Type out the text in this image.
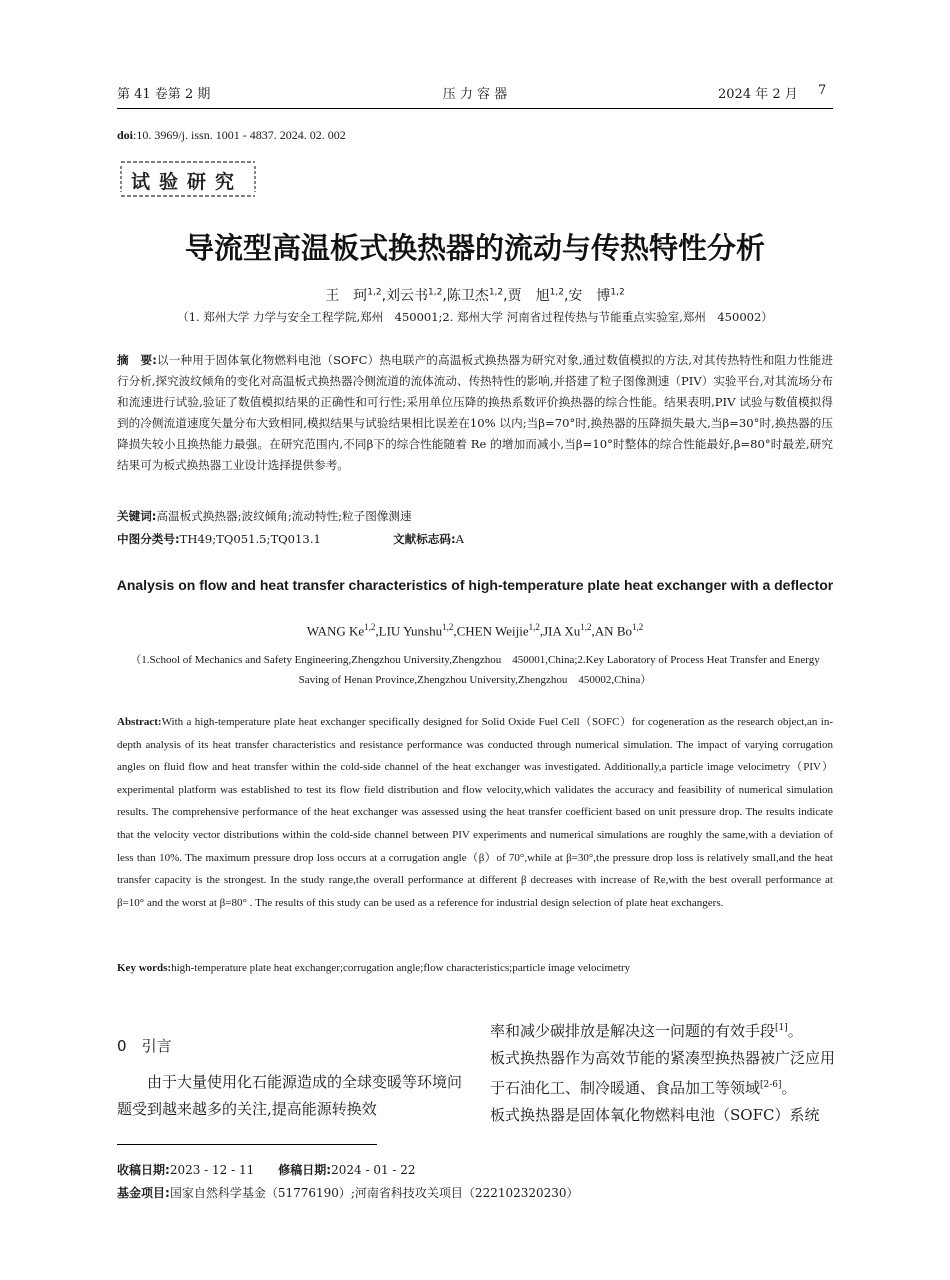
第 41 卷第 2 期	压 力 容 器	2024 年 2 月 7
doi:10. 3969/j. issn. 1001 - 4837. 2024. 02. 002
试验研究
导流型高温板式换热器的流动与传热特性分析
王　珂$^{1,2}$,刘云书$^{1,2}$,陈卫杰$^{1,2}$,贾　旭$^{1,2}$,安　博$^{1,2}$
（1. 郑州大学 力学与安全工程学院,郑州　450001;2. 郑州大学 河南省过程传热与节能重点实验室,郑州　450002）
摘　要:以一种用于固体氧化物燃料电池（SOFC）热电联产的高温板式换热器为研究对象,通过数值模拟的方法,对其传热特性和阻力性能进行分析,探究波纹倾角的变化对高温板式换热器冷侧流道的流体流动、传热特性的影响,并搭建了粒子图像测速（PIV）实验平台,对其流场分布和流速进行试验,验证了数值模拟结果的正确性和可行性;采用单位压降的换热系数评价换热器的综合性能。结果表明,PIV 试验与数值模拟得到的冷侧流道速度矢量分布大致相同,模拟结果与试验结果相比误差在10% 以内;当β=70°时,换热器的压降损失最大,当β=30°时,换热器的压降损失较小且换热能力最强。在研究范围内,不同β下的综合性能随着 Re 的增加而减小,当β=10°时整体的综合性能最好,β=80°时最差,研究结果可为板式换热器工业设计选择提供参考。
关键词:高温板式换热器;波纹倾角;流动特性;粒子图像测速
中图分类号:TH49;TQ051.5;TQ013.1	文献标志码:A
Analysis on flow and heat transfer characteristics of high-temperature plate heat exchanger with a deflector
WANG Ke$^{1,2}$,LIU Yunshu$^{1,2}$,CHEN Weijie$^{1,2}$,JIA Xu$^{1,2}$,AN Bo$^{1,2}$
（1.School of Mechanics and Safety Engineering,Zhengzhou University,Zhengzhou　450001,China;2.Key Laboratory of Process Heat Transfer and Energy Saving of Henan Province,Zhengzhou University,Zhengzhou　450002,China）
Abstract:With a high-temperature plate heat exchanger specifically designed for Solid Oxide Fuel Cell（SOFC）for cogeneration as the research object,an in-depth analysis of its heat transfer characteristics and resistance performance was conducted through numerical simulation. The impact of varying corrugation angles on fluid flow and heat transfer within the cold-side channel of the heat exchanger was investigated. Additionally,a particle image velocimetry（PIV）experimental platform was established to test its flow field distribution and flow velocity,which validates the accuracy and feasibility of numerical simulation results. The comprehensive performance of the heat exchanger was assessed using the heat transfer coefficient based on unit pressure drop. The results indicate that the velocity vector distributions within the cold-side channel between PIV experiments and numerical simulations are roughly the same,with a deviation of less than 10%. The maximum pressure drop loss occurs at a corrugation angle（β）of 70°,while at β=30°,the pressure drop loss is relatively small,and the heat transfer capacity is the strongest. In the study range,the overall performance at different β decreases with increase of Re,with the best overall performance at β=10° and the worst at β=80° . The results of this study can be used as a reference for industrial design selection of plate heat exchangers.
Key words:high-temperature plate heat exchanger;corrugation angle;flow characteristics;particle image velocimetry
0　 引言
由于大量使用化石能源造成的全球变暖等环境问题受到越来越多的关注,提高能源转换效
率和减少碳排放是解决这一问题的有效手段[1]。
板式换热器作为高效节能的紧凑型换热器被广泛应用于石油化工、制冷暖通、食品加工等领域[2-6]。
板式换热器是固体氧化物燃料电池（SOFC）系统
收稿日期:2023 - 12 - 11　　 修稿日期:2024 - 01 - 22
基金项目:国家自然科学基金（51776190）;河南省科技攻关项目（222102320230）
